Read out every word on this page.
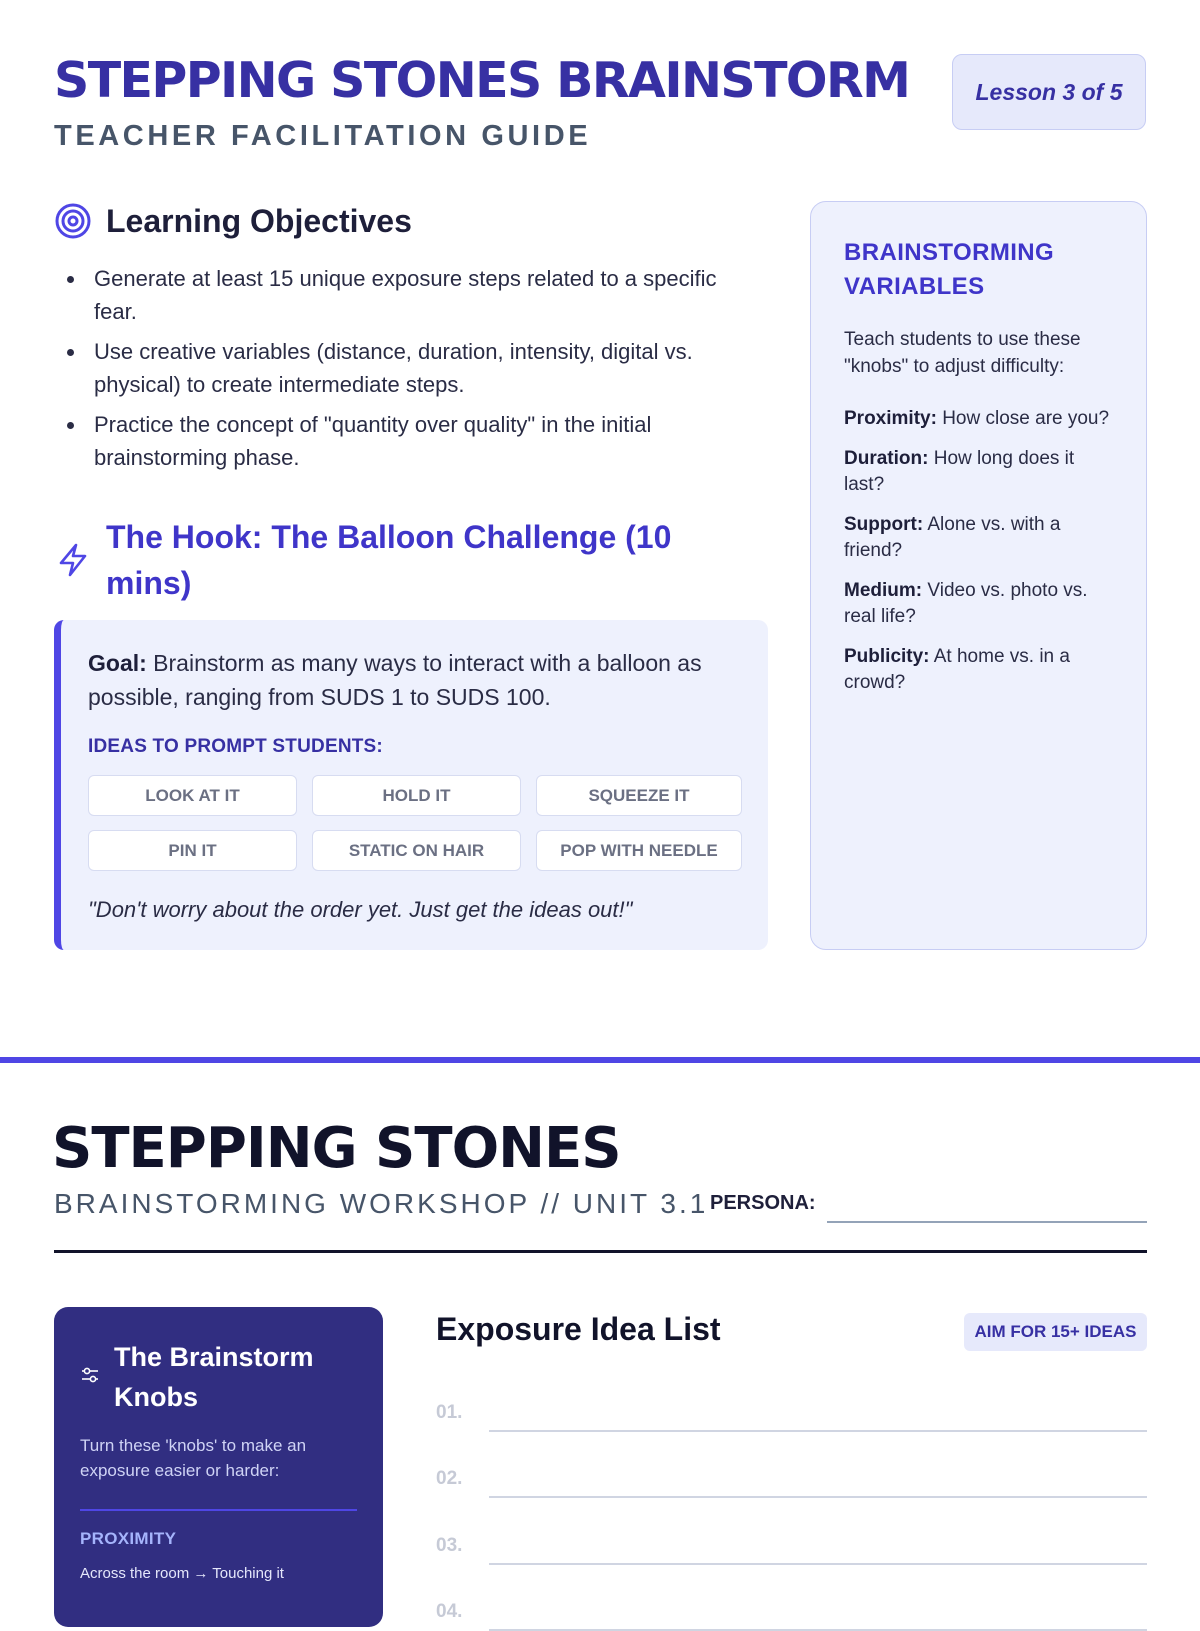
STEPPING STONES BRAINSTORM
TEACHER FACILITATION GUIDE
Lesson 3 of 5
Learning Objectives
Generate at least 15 unique exposure steps related to a specific fear.
Use creative variables (distance, duration, intensity, digital vs. physical) to create intermediate steps.
Practice the concept of "quantity over quality" in the initial brainstorming phase.
The Hook: The Balloon Challenge (10 mins)

Goal: Brainstorm as many ways to interact with a balloon as possible, ranging from SUDS 1 to SUDS 100.

IDEAS TO PROMPT STUDENTS:
LOOK AT IT	HOLD IT	SQUEEZE IT
PIN IT	STATIC ON HAIR	POP WITH NEEDLE

"Don't worry about the order yet. Just get the ideas out!"

BRAINSTORMING VARIABLES

Teach students to use these "knobs" to adjust difficulty:

Proximity: How close are you?

Duration: How long does it last?

Support: Alone vs. with a friend?

Medium: Video vs. photo vs. real life?

Publicity: At home vs. in a crowd?

STEPPING STONES
BRAINSTORMING WORKSHOP // UNIT 3.1 PERSONA:
The Brainstorm Knobs

Turn these 'knobs' to make an exposure easier or harder:

PROXIMITY
Across the room → Touching it
Exposure Idea List	AIM FOR 15+ IDEAS
01.
02.
03.
04.
